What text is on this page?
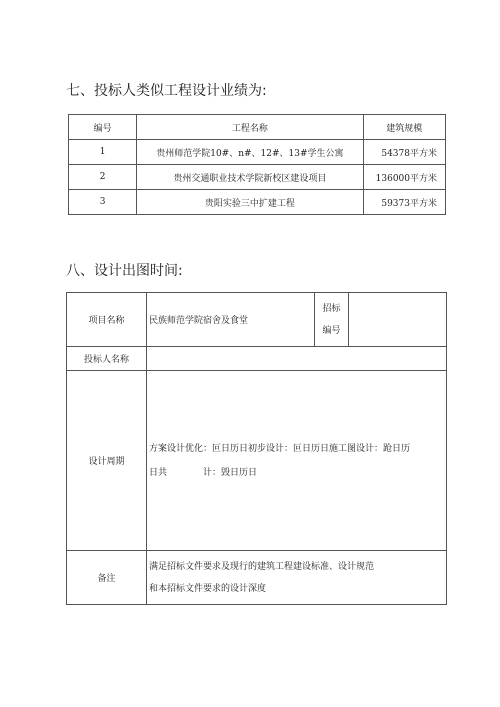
七、投标人类似工程设计业绩为:
编号	工程名称	建筑规模
1	贵州师范学院10#、n#、12#、13#学生公寓	54378平方米
2	贵州交通职业技术学院新校区建设项目	136000平方米
3	贵阳实验三中扩建工程	59373平方米
八、设计出图时间:
项目名称	民族师范学院宿舍及食堂	招标
编号	

投标人名称			
设计周期	方案设计优化：叵日历日初步设计：叵日历日施工图设计：跄日历
日共　　　　计：毁日历日		

备注	满足招标文件要求及现行的建筑工程建设标准、设计规范
和本招标文件要求的设计深度		
